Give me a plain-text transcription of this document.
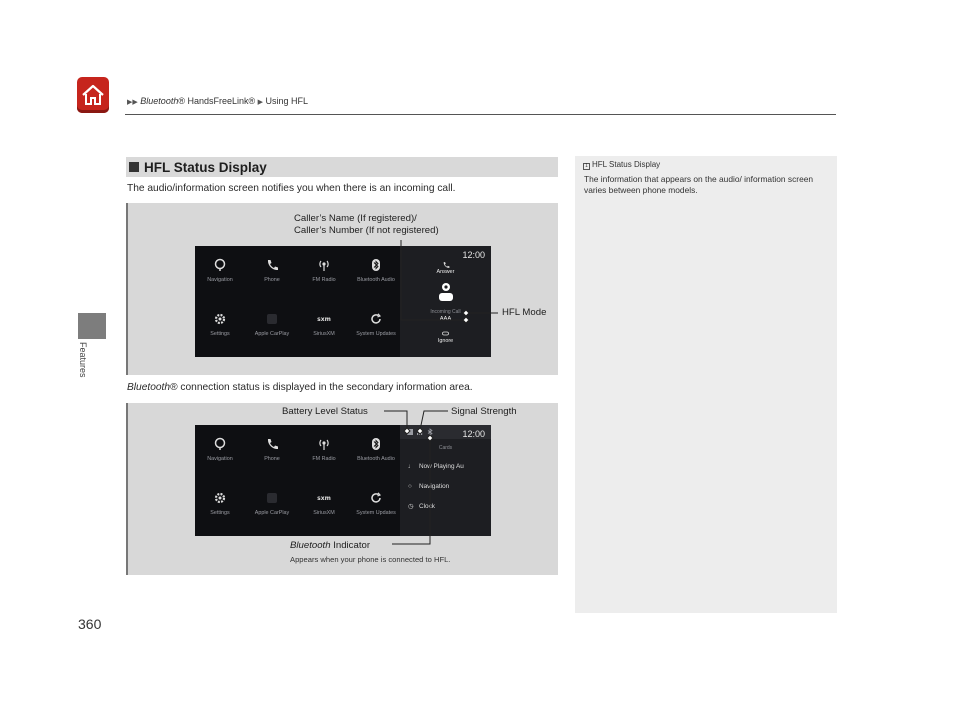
▶▶ Bluetooth® HandsFreeLink® ▶ Using HFL
Features
360
HFL Status Display
The audio/information screen notifies you when there is an incoming call.
Navigation	Phone	FM Radio	Bluetooth Audio
Settings	Apple CarPlay
sxm
SiriusXM	System Updates
12:00
Answer
Incoming Call
AAA
Ignore
Caller’s Name (If registered)/
Caller’s Number (If not registered)
HFL Mode

Bluetooth® connection status is displayed in the secondary information area.

Navigation	Phone	FM Radio	Bluetooth Audio
Settings	Apple CarPlay
sxm
SiriusXM	System Updates
12:00
Cards
♩ Now Playing Au
○ Navigation
◷ Clock
Battery Level Status	Signal Strength
Bluetooth Indicator
Appears when your phone is connected to HFL.
1 HFL Status Display
The information that appears on the audio/ information screen varies between phone models.
